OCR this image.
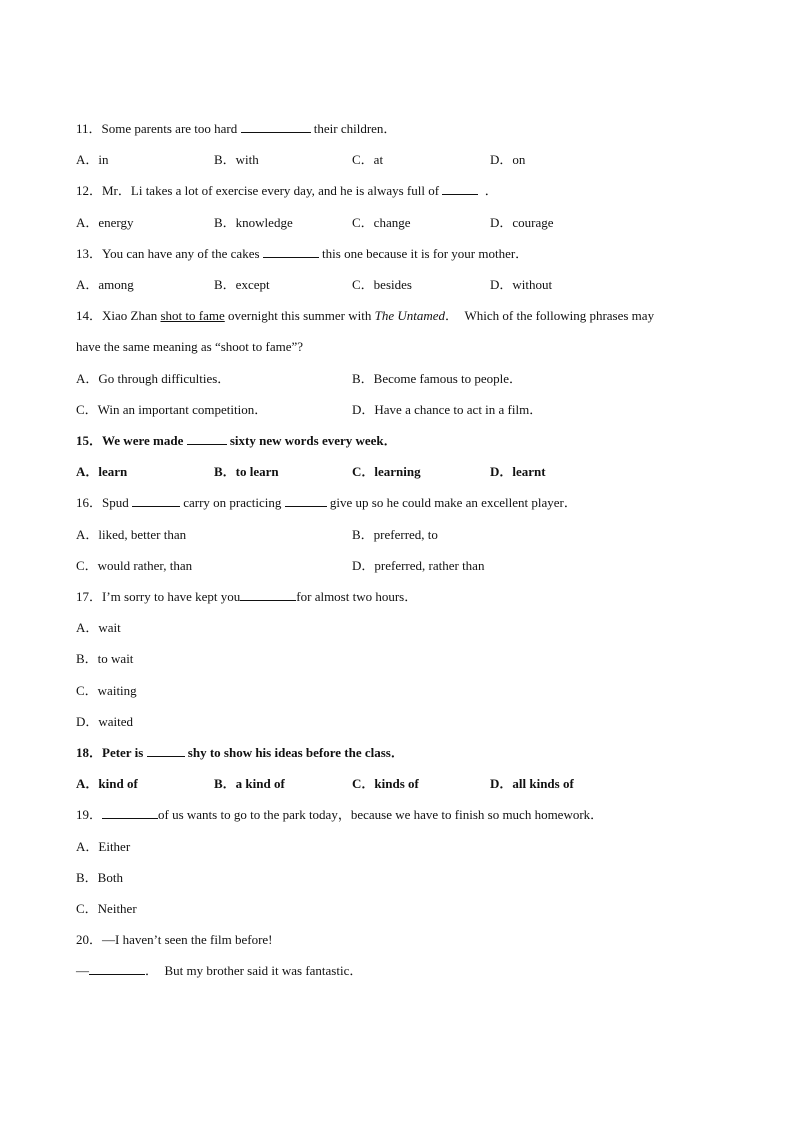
11．Some parents are too hard	their children．
A．in	B．with	C．at	D．on
12．Mr．Li takes a lot of exercise every day, and he is always full of	．
A．energy	B．knowledge	C．change	D．courage
13．You can have any of the cakes	this one because it is for your mother．
A．among	B．except	C．besides	D．without
14．Xiao Zhan shot to fame overnight this summer with The Untamed．　Which of the following phrases may
have the same meaning as “shoot to fame”?
A．Go through difficulties．	B．Become famous to people．
C．Win an important competition．	D．Have a chance to act in a film．
15．We were made	sixty new words every week．
A．learn	B．to learn	C．learning	D．learnt
16．Spud	carry on practicing	give up so he could make an excellent player．
A．liked, better than	B．preferred, to
C．would rather, than	D．preferred, rather than
17．I’m sorry to have kept you	for almost two hours．
A．wait
B．to wait
C．waiting
D．waited
18．Peter is	shy to show his ideas before the class．
A．kind of	B．a kind of	C．kinds of	D．all kinds of
19．	of us wants to go to the park today，because we have to finish so much homework．
A．Either
B．Both
C．Neither
20．—I haven’t seen the film before!
—	．　But my brother said it was fantastic．
